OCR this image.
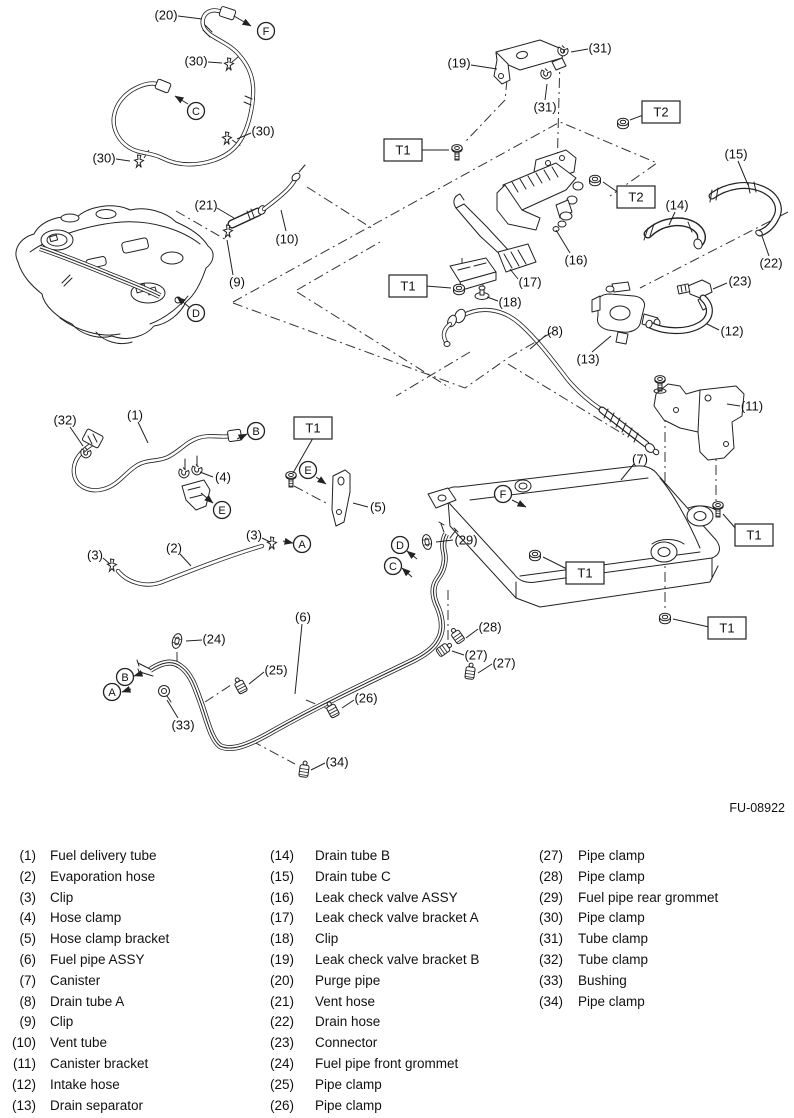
(20)
(30)
(30)
(30)
(21)
(9)
(10)
(19)
(31)
(31)
(16)
(17)
(18)
(15)
(14)
(22)
(23)
(12)
(13)
(8)
(7)
(11)
(32)	(1)
(4)
(5)
(3)	(2)
(3)	(29)
(28)
(27)
(27)
(24)
(25)
(26)
(6)
(33)
(34)
T1
T1
T1
T1
T1
T1
T2
T2
F
C
D
B
E
E
A
B
A
D
C
F
FU-08922
(1) Fuel delivery tube
(2) Evaporation hose
(3) Clip
(4) Hose clamp
(5) Hose clamp bracket
(6) Fuel pipe ASSY
(7) Canister
(8) Drain tube A
(9) Clip
(10) Vent tube
(11) Canister bracket
(12) Intake hose
(13) Drain separator
(14) Drain tube B
(15) Drain tube C
(16) Leak check valve ASSY
(17) Leak check valve bracket A
(18) Clip
(19) Leak check valve bracket B
(20) Purge pipe
(21) Vent hose
(22) Drain hose
(23) Connector
(24) Fuel pipe front grommet
(25) Pipe clamp
(26) Pipe clamp
(27) Pipe clamp
(28) Pipe clamp
(29) Fuel pipe rear grommet
(30) Pipe clamp
(31) Tube clamp
(32) Tube clamp
(33) Bushing
(34) Pipe clamp
